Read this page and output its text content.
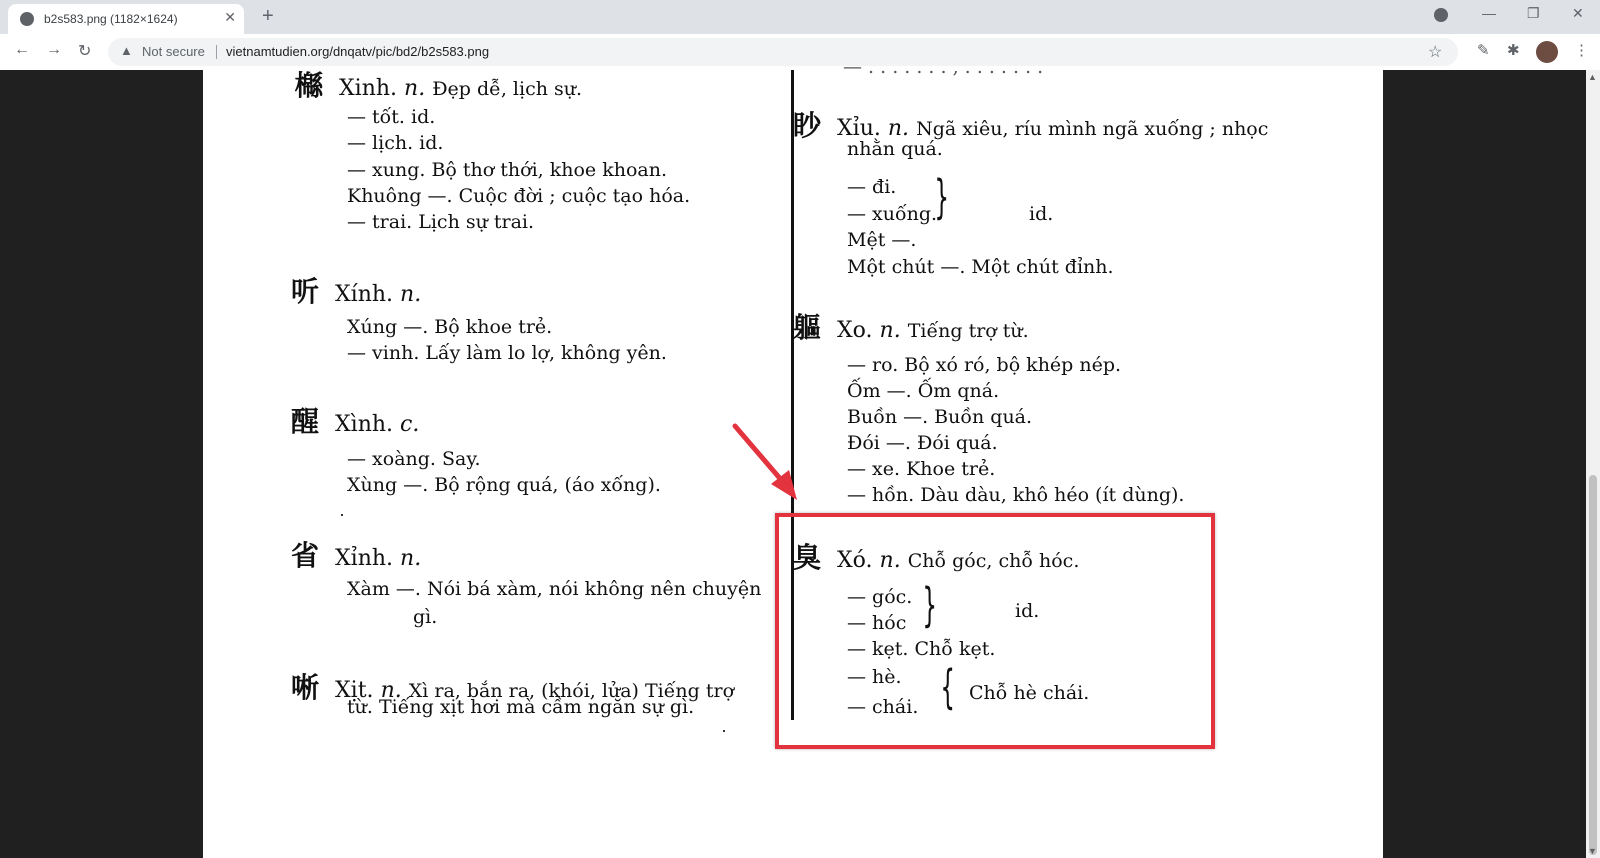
b2s583.png (1182×1624)	✕ +	— ❐ ✕
← → ↻ ▲ Not secure vietnamtudien.org/dnqatv/pic/bd2/b2s583.png	☆ ✎ ✱	⋮
㰃 Xinh. n. Đẹp dễ, lịch sự.
— tốt. id.
— lịch. id.
— xung. Bộ thơ thới, khoe khoan.
Khuông —. Cuộc đời ; cuộc tạo hóa.
— trai. Lịch sự trai.
听 Xính. n.
Xúng —. Bộ khoe trẻ.
— vinh. Lấy làm lo lợ, không yên.
醒 Xình. c.
— xoàng. Say.
Xùng —. Bộ rộng quá, (áo xống).
省 Xỉnh. n.
Xàm —. Nói bá xàm, nói không nên chuyện
gì.
唽 Xịt. n. Xì ra, bắn ra, (khói, lửa) Tiếng trợ
từ. Tiếng xịt hơi mà cầm ngăn sự gì.
— . . . . . . . , . . . . . . .
眇 Xỉu. n. Ngã xiêu, ríu mình ngã xuống ; nhọc
nhằn quá.
— đi.
— xuống.
Mệt —.
}	id.
Một chút —. Một chút đỉnh.
軀 Xo. n. Tiếng trợ từ.
— ro. Bộ xó ró, bộ khép nép.
Ốm —. Ốm qná.
Buồn —. Buồn quá.
Đói —. Đói quá.
— xe. Khoe trẻ.
— hồn. Dàu dàu, khô héo (ít dùng).
臭 Xó. n. Chỗ góc, chỗ hóc.
— góc.
— hóc }	id.
— kẹt. Chỗ kẹt.
— hè.
— chái. { Chỗ hè chái.
▲
▼
